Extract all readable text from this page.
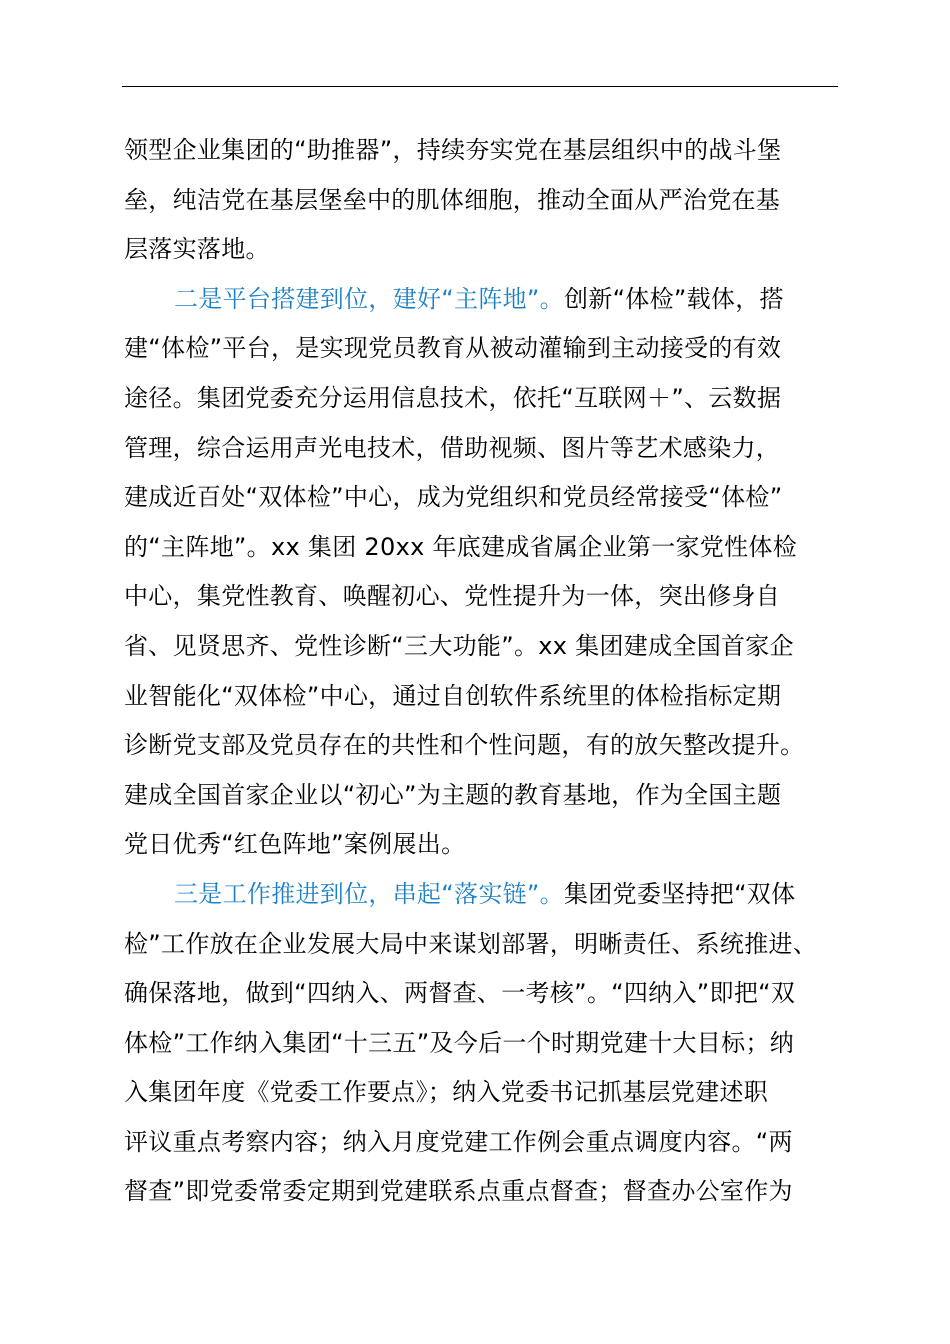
领型企业集团的“助推器”，持续夯实党在基层组织中的战斗堡
垒，纯洁党在基层堡垒中的肌体细胞，推动全面从严治党在基
层落实落地。
二是平台搭建到位，建好“主阵地”。创新“体检”载体，搭
建“体检”平台，是实现党员教育从被动灌输到主动接受的有效
途径。集团党委充分运用信息技术，依托“互联网＋”、云数据
管理，综合运用声光电技术，借助视频、图片等艺术感染力，
建成近百处“双体检”中心，成为党组织和党员经常接受“体检”
的“主阵地”。xx 集团 20xx 年底建成省属企业第一家党性体检
中心，集党性教育、唤醒初心、党性提升为一体，突出修身自
省、见贤思齐、党性诊断“三大功能”。xx 集团建成全国首家企
业智能化“双体检”中心，通过自创软件系统里的体检指标定期
诊断党支部及党员存在的共性和个性问题，有的放矢整改提升。
建成全国首家企业以“初心”为主题的教育基地，作为全国主题
党日优秀“红色阵地”案例展出。
三是工作推进到位，串起“落实链”。集团党委坚持把“双体
检”工作放在企业发展大局中来谋划部署，明晰责任、系统推进、
确保落地，做到“四纳入、两督查、一考核”。“四纳入”即把“双
体检”工作纳入集团“十三五”及今后一个时期党建十大目标；纳
入集团年度《党委工作要点》；纳入党委书记抓基层党建述职
评议重点考察内容；纳入月度党建工作例会重点调度内容。“两
督查”即党委常委定期到党建联系点重点督查；督查办公室作为
